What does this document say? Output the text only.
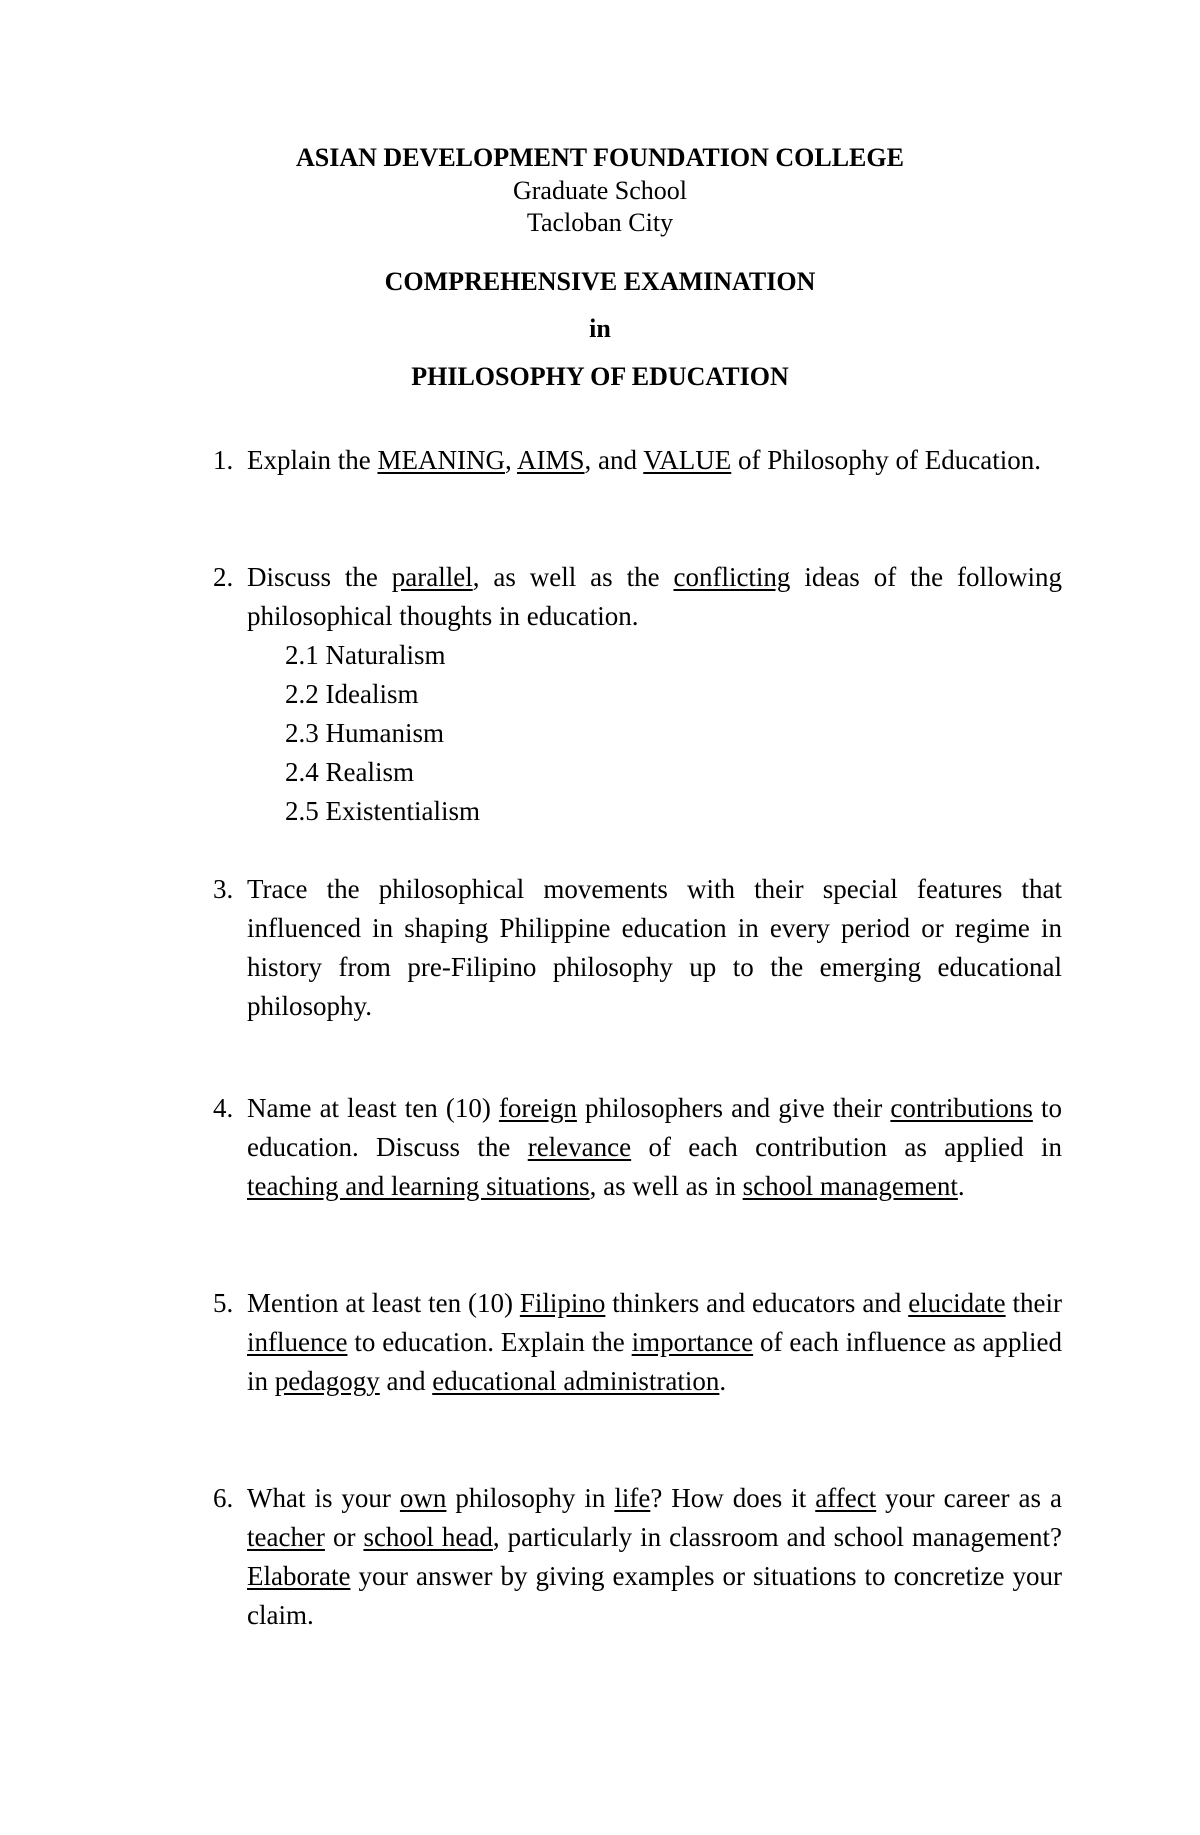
ASIAN DEVELOPMENT FOUNDATION COLLEGE
Graduate School
Tacloban City
COMPREHENSIVE EXAMINATION
in
PHILOSOPHY OF EDUCATION
1. Explain the MEANING, AIMS, and VALUE of Philosophy of Education.
2. Discuss the parallel, as well as the conflicting ideas of the following philosophical thoughts in education.
2.1 Naturalism
2.2 Idealism
2.3 Humanism
2.4 Realism
2.5 Existentialism
3. Trace the philosophical movements with their special features that influenced in shaping Philippine education in every period or regime in history from pre-Filipino philosophy up to the emerging educational philosophy.
4. Name at least ten (10) foreign philosophers and give their contributions to education. Discuss the relevance of each contribution as applied in teaching and learning situations, as well as in school management.
5. Mention at least ten (10) Filipino thinkers and educators and elucidate their influence to education. Explain the importance of each influence as applied in pedagogy and educational administration.
6. What is your own philosophy in life? How does it affect your career as a teacher or school head, particularly in classroom and school management? Elaborate your answer by giving examples or situations to concretize your claim.
